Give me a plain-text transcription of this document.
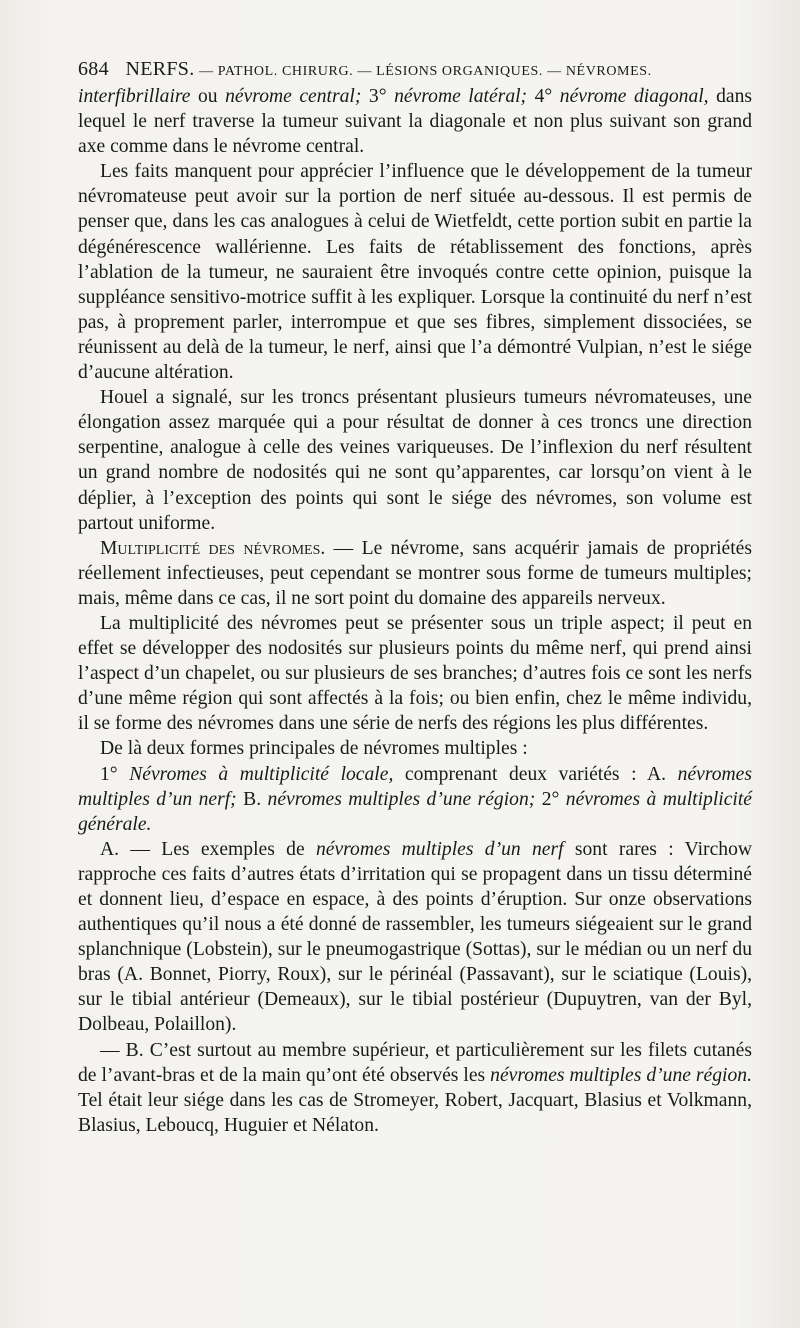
684 NERFS. — PATHOL. CHIRURG. — LÉSIONS ORGANIQUES. — NÉVROMES.

interfibrillaire ou névrome central; 3° névrome latéral; 4° névrome diagonal, dans lequel le nerf traverse la tumeur suivant la diagonale et non plus suivant son grand axe comme dans le névrome central.

Les faits manquent pour apprécier l’influence que le développement de la tumeur névromateuse peut avoir sur la portion de nerf située au-dessous. Il est permis de penser que, dans les cas analogues à celui de Wietfeldt, cette portion subit en partie la dégénérescence wallérienne. Les faits de rétablissement des fonctions, après l’ablation de la tumeur, ne sauraient être invoqués contre cette opinion, puisque la suppléance sensitivo-motrice suffit à les expliquer. Lorsque la continuité du nerf n’est pas, à proprement parler, interrompue et que ses fibres, simplement dissociées, se réunissent au delà de la tumeur, le nerf, ainsi que l’a démontré Vulpian, n’est le siége d’aucune altération.

Houel a signalé, sur les troncs présentant plusieurs tumeurs névromateuses, une élongation assez marquée qui a pour résultat de donner à ces troncs une direction serpentine, analogue à celle des veines variqueuses. De l’inflexion du nerf résultent un grand nombre de nodosités qui ne sont qu’apparentes, car lorsqu’on vient à le déplier, à l’exception des points qui sont le siége des névromes, son volume est partout uniforme.

Multiplicité des névromes. — Le névrome, sans acquérir jamais de propriétés réellement infectieuses, peut cependant se montrer sous forme de tumeurs multiples; mais, même dans ce cas, il ne sort point du domaine des appareils nerveux.

La multiplicité des névromes peut se présenter sous un triple aspect; il peut en effet se développer des nodosités sur plusieurs points du même nerf, qui prend ainsi l’aspect d’un chapelet, ou sur plusieurs de ses branches; d’autres fois ce sont les nerfs d’une même région qui sont affectés à la fois; ou bien enfin, chez le même individu, il se forme des névromes dans une série de nerfs des régions les plus différentes.

De là deux formes principales de névromes multiples :

1° Névromes à multiplicité locale, comprenant deux variétés : A. névromes multiples d’un nerf; B. névromes multiples d’une région; 2° névromes à multiplicité générale.

A. — Les exemples de névromes multiples d’un nerf sont rares : Virchow rapproche ces faits d’autres états d’irritation qui se propagent dans un tissu déterminé et donnent lieu, d’espace en espace, à des points d’éruption. Sur onze observations authentiques qu’il nous a été donné de rassembler, les tumeurs siégeaient sur le grand splanchnique (Lobstein), sur le pneumogastrique (Sottas), sur le médian ou un nerf du bras (A. Bonnet, Piorry, Roux), sur le périnéal (Passavant), sur le sciatique (Louis), sur le tibial antérieur (Demeaux), sur le tibial postérieur (Dupuytren, van der Byl, Dolbeau, Polaillon).

— B. C’est surtout au membre supérieur, et particulièrement sur les filets cutanés de l’avant-bras et de la main qu’ont été observés les névromes multiples d’une région. Tel était leur siége dans les cas de Stromeyer, Robert, Jacquart, Blasius et Volkmann, Blasius, Leboucq, Huguier et Nélaton.
